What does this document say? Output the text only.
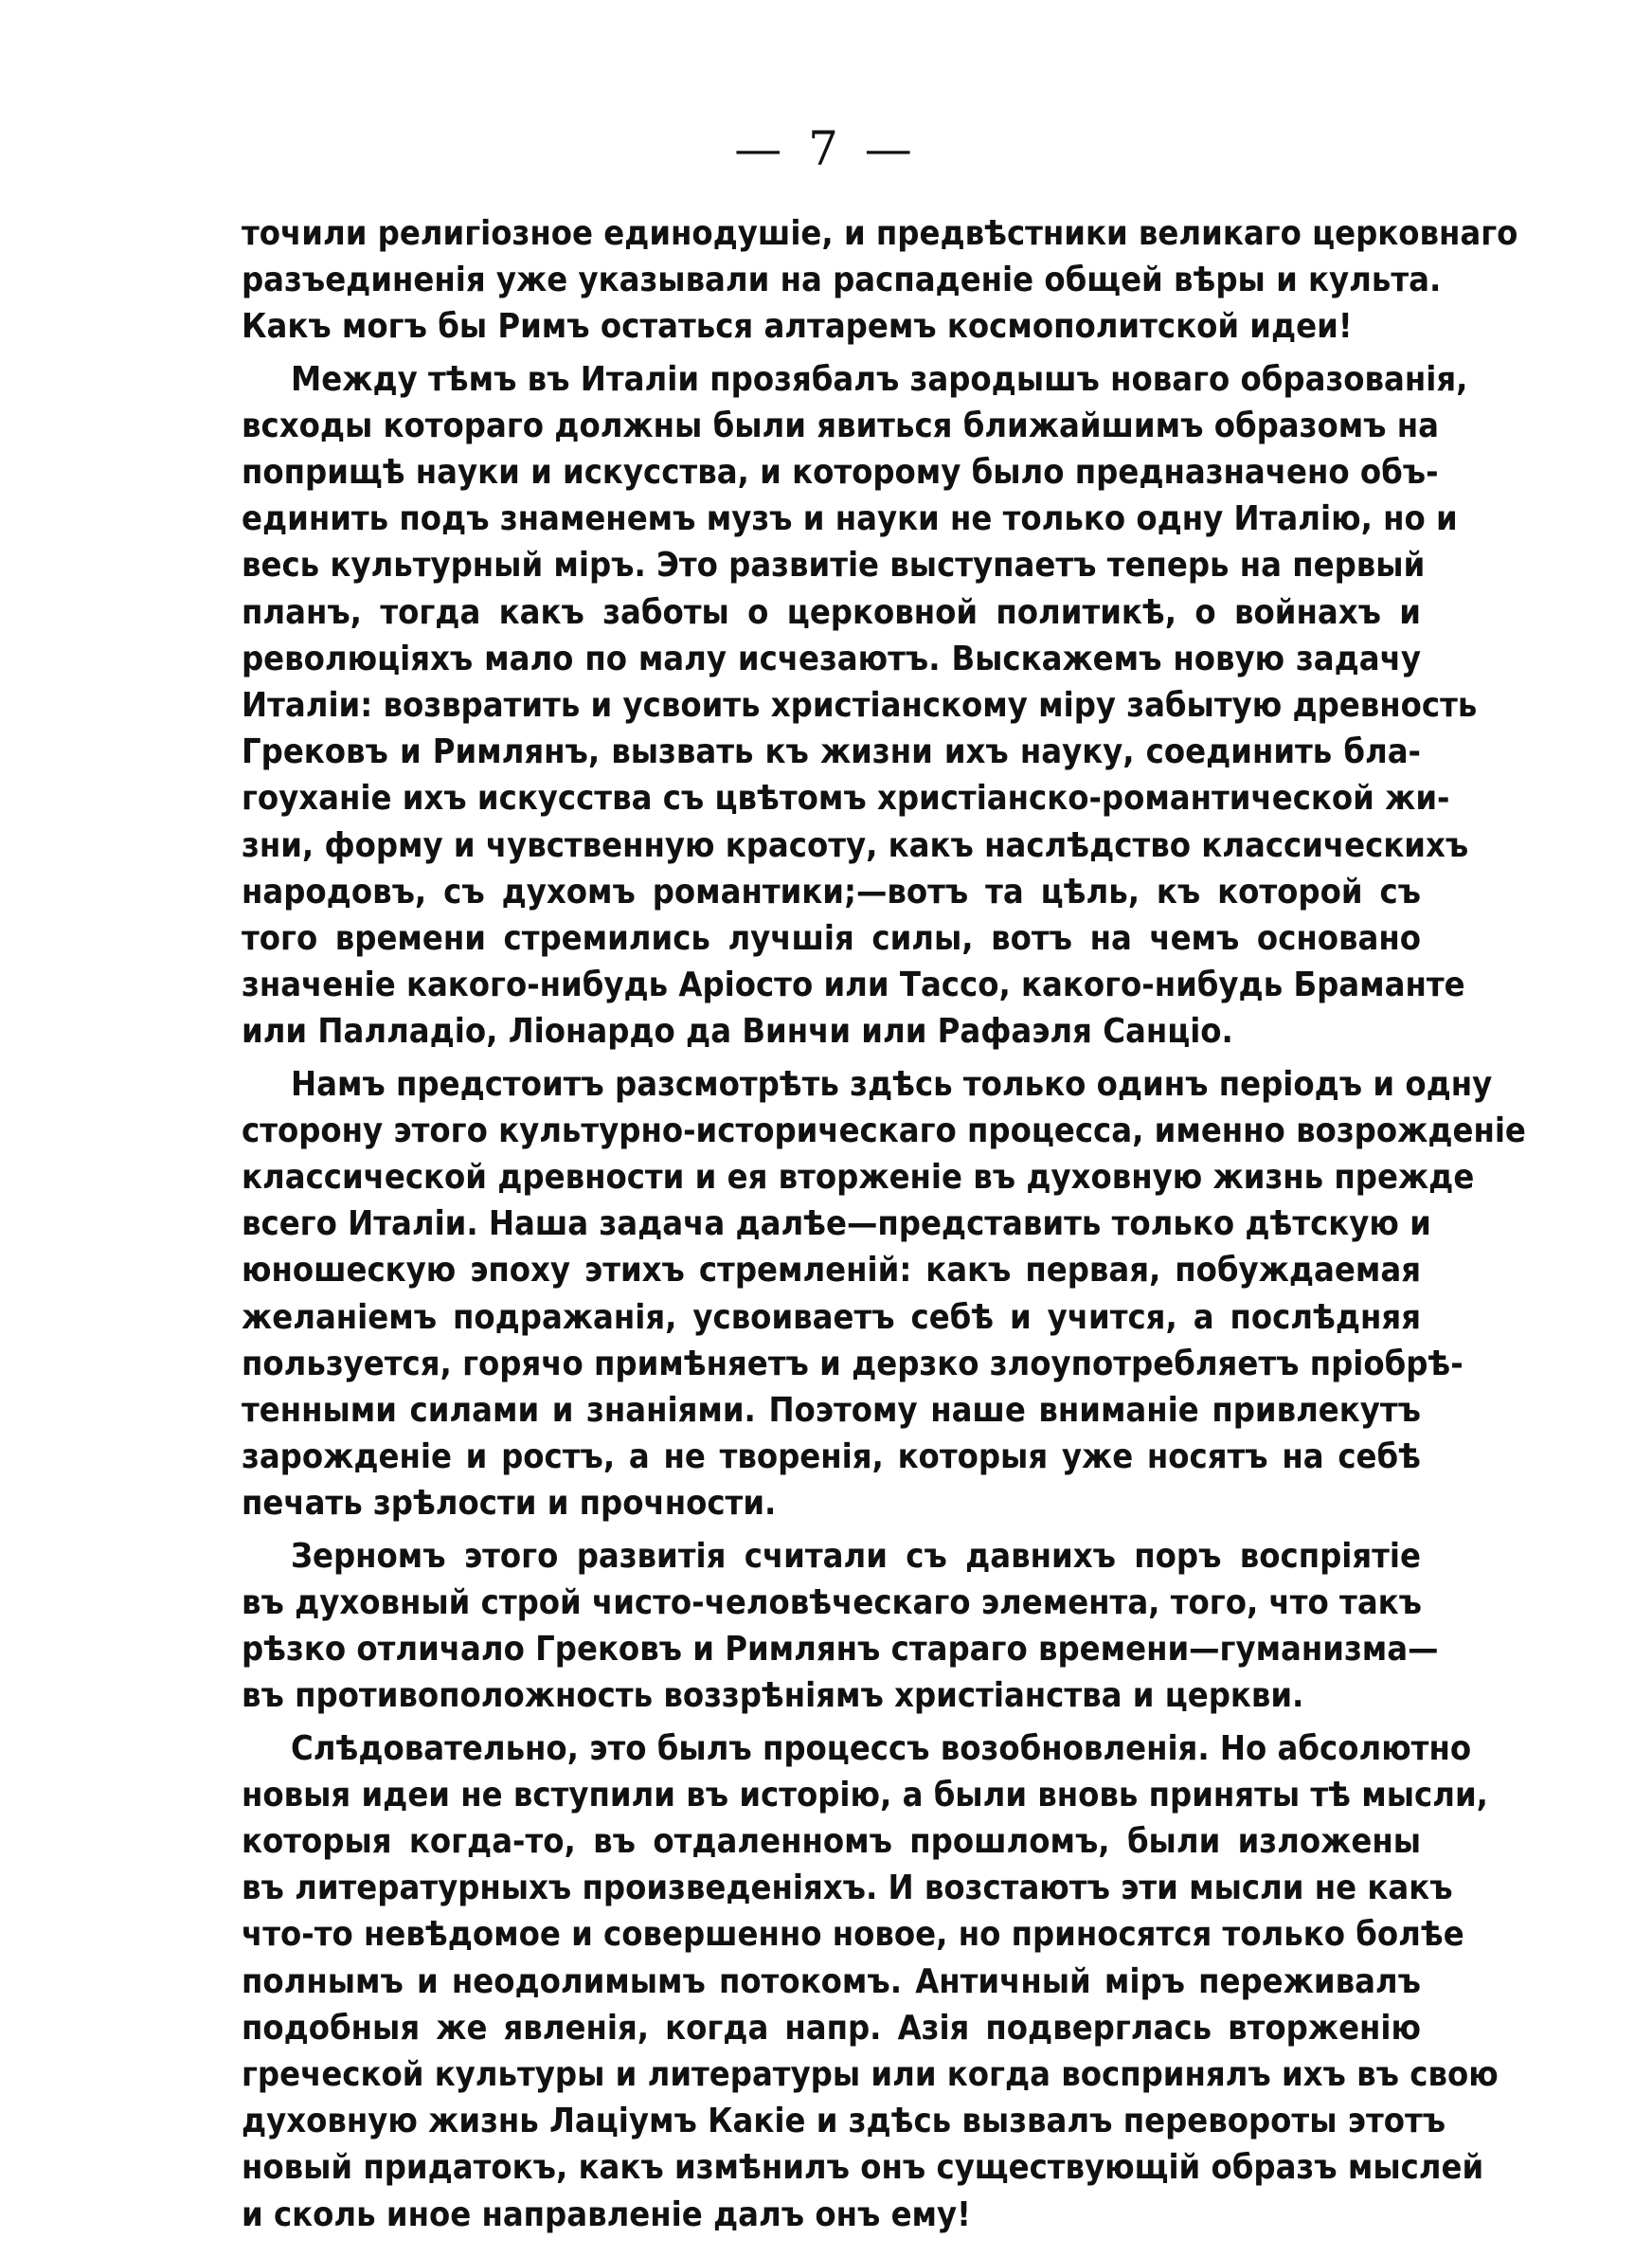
— 7 —

точили религіозное единодушіе, и предвѣстники великаго церковнаго
разъединенія уже указывали на распаденіе общей вѣры и культа.
Какъ могъ бы Римъ остаться алтаремъ космополитской идеи!

Между тѣмъ въ Италіи прозябалъ зародышъ новаго образованія,
всходы котораго должны были явиться ближайшимъ образомъ на
поприщѣ науки и искусства, и которому было предназначено объ-
единить подъ знаменемъ музъ и науки не только одну Италію, но и
весь культурный міръ. Это развитіе выступаетъ теперь на первый
планъ, тогда какъ заботы о церковной политикѣ, о войнахъ и
революціяхъ мало по малу исчезаютъ. Выскажемъ новую задачу
Италіи: возвратить и усвоить христіанскому міру забытую древность
Грековъ и Римлянъ, вызвать къ жизни ихъ науку, соединить бла-
гоуханіе ихъ искусства съ цвѣтомъ христіанско-романтической жи-
зни, форму и чувственную красоту, какъ наслѣдство классическихъ
народовъ, съ духомъ романтики;—вотъ та цѣль, къ которой съ
того времени стремились лучшія силы, вотъ на чемъ основано
значеніе какого-нибудь Аріосто или Тассо, какого-нибудь Браманте
или Палладіо, Ліонардо да Винчи или Рафаэля Санціо.

Намъ предстоитъ разсмотрѣть здѣсь только одинъ періодъ и одну
сторону этого культурно-историческаго процесса, именно возрожденіе
классической древности и ея вторженіе въ духовную жизнь прежде
всего Италіи. Наша задача далѣе—представить только дѣтскую и
юношескую эпоху этихъ стремленій: какъ первая, побуждаемая
желаніемъ подражанія, усвоиваетъ себѣ и учится, а послѣдняя
пользуется, горячо примѣняетъ и дерзко злоупотребляетъ пріобрѣ-
тенными силами и знаніями. Поэтому наше вниманіе привлекутъ
зарожденіе и ростъ, а не творенія, которыя уже носятъ на себѣ
печать зрѣлости и прочности.

Зерномъ этого развитія считали съ давнихъ поръ воспріятіе
въ духовный строй чисто-человѣческаго элемента, того, что такъ
рѣзко отличало Грековъ и Римлянъ стараго времени—гуманизма—
въ противоположность воззрѣніямъ христіанства и церкви.

Слѣдовательно, это былъ процессъ возобновленія. Но абсолютно
новыя идеи не вступили въ исторію, а были вновь приняты тѣ мысли,
которыя когда-то, въ отдаленномъ прошломъ, были изложены
въ литературныхъ произведеніяхъ. И возстаютъ эти мысли не какъ
что-то невѣдомое и совершенно новое, но приносятся только болѣе
полнымъ и неодолимымъ потокомъ. Античный міръ переживалъ
подобныя же явленія, когда напр. Азія подверглась вторженію
греческой культуры и литературы или когда воспринялъ ихъ въ свою
духовную жизнь Лаціумъ Какіе и здѣсь вызвалъ перевороты этотъ
новый придатокъ, какъ измѣнилъ онъ существующій образъ мыслей
и сколь иное направленіе далъ онъ ему!
